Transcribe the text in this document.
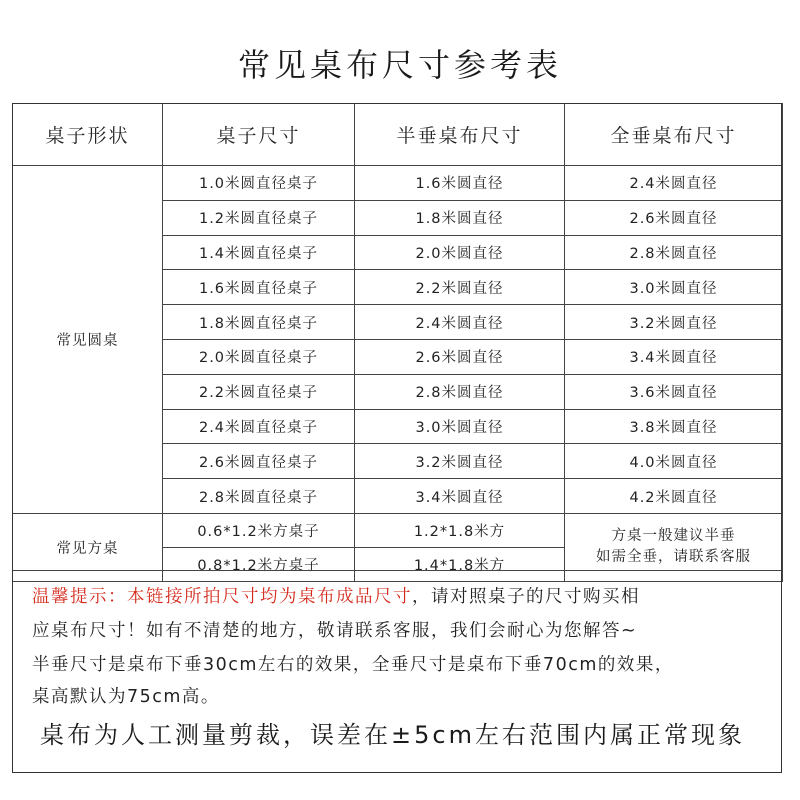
常见桌布尺寸参考表
桌子形状	桌子尺寸	半垂桌布尺寸	全垂桌布尺寸
常见圆桌	1.0米圆直径桌子	1.6米圆直径	2.4米圆直径
	1.2米圆直径桌子	1.8米圆直径	2.6米圆直径
	1.4米圆直径桌子	2.0米圆直径	2.8米圆直径
	1.6米圆直径桌子	2.2米圆直径	3.0米圆直径
	1.8米圆直径桌子	2.4米圆直径	3.2米圆直径
	2.0米圆直径桌子	2.6米圆直径	3.4米圆直径
	2.2米圆直径桌子	2.8米圆直径	3.6米圆直径
	2.4米圆直径桌子	3.0米圆直径	3.8米圆直径
	2.6米圆直径桌子	3.2米圆直径	4.0米圆直径
	2.8米圆直径桌子	3.4米圆直径	4.2米圆直径
常见方桌	0.6*1.2米方桌子	1.2*1.8米方	方桌一般建议半垂
如需全垂，请联系客服

	0.8*1.2米方桌子	1.4*1.8米方	
温馨提示：本链接所拍尺寸均为桌布成品尺寸，请对照桌子的尺寸购买相
应桌布尺寸！如有不清楚的地方，敬请联系客服，我们会耐心为您解答~
半垂尺寸是桌布下垂30cm左右的效果，全垂尺寸是桌布下垂70cm的效果，
桌高默认为75cm高。
桌布为人工测量剪裁，误差在±5cm左右范围内属正常现象
